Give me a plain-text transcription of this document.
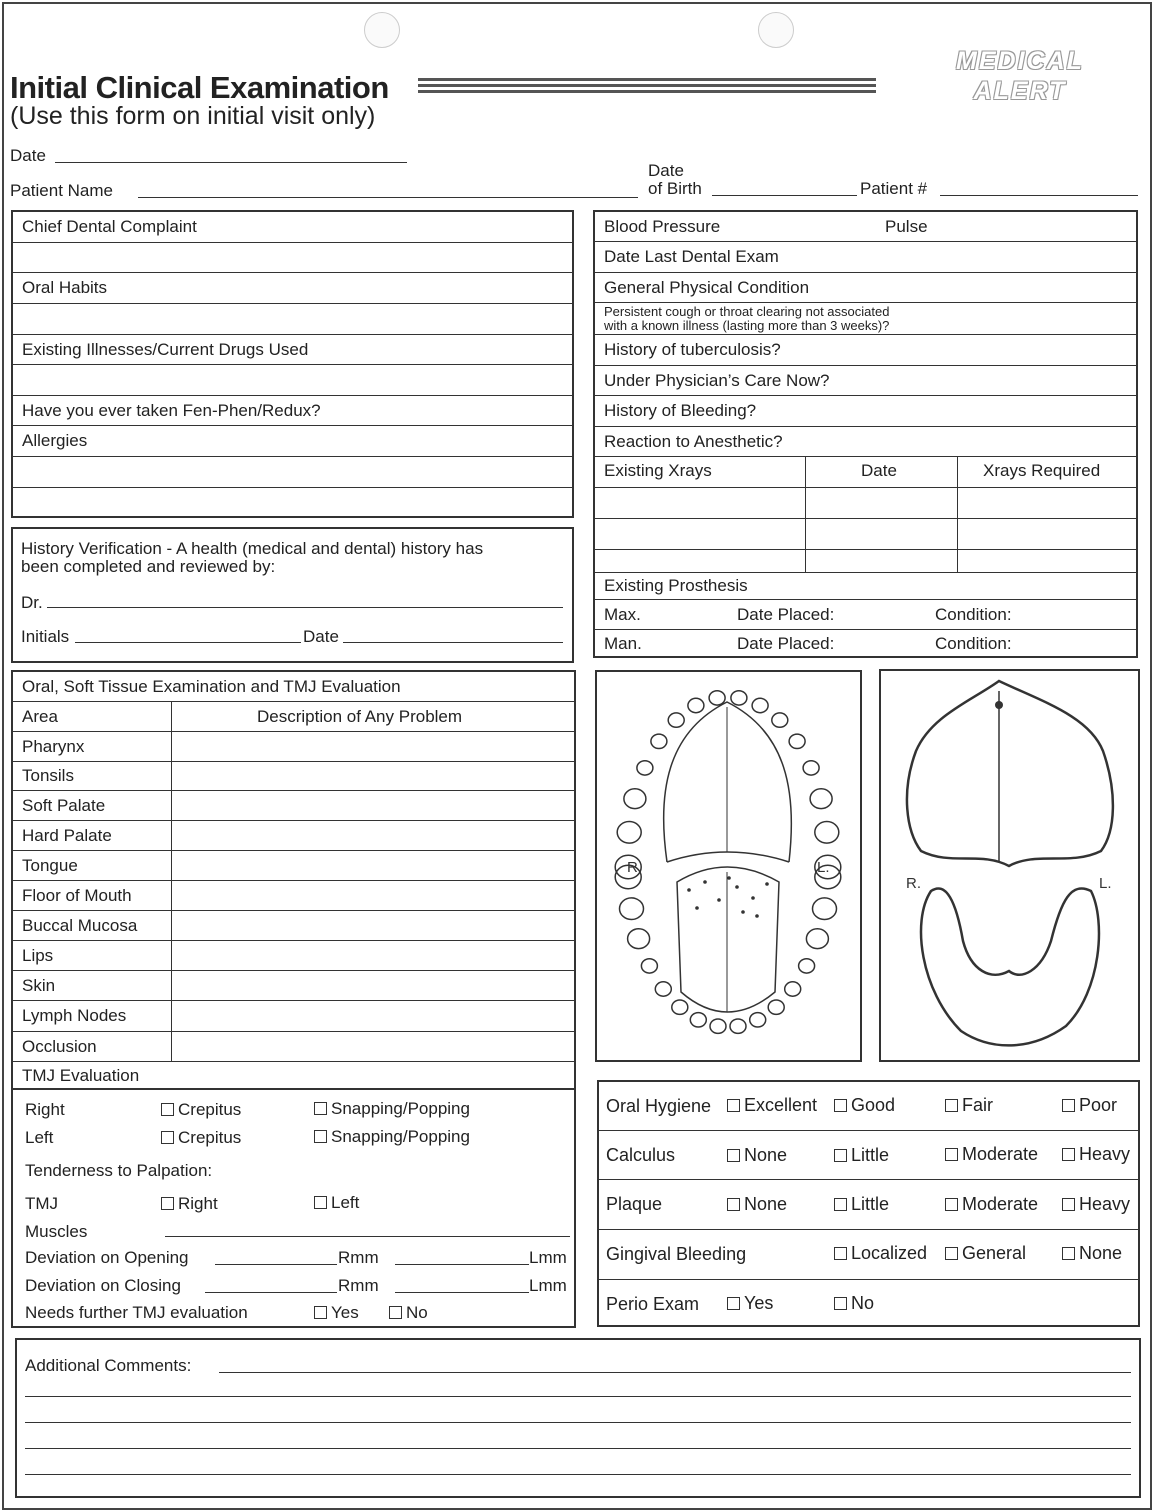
Initial Clinical Examination
(Use this form on initial visit only)
MEDICAL
ALERT
Date
Patient Name
Date
of Birth	Patient #
Chief Dental Complaint
Oral Habits
Existing Illnesses/Current Drugs Used
Have you ever taken Fen-Phen/Redux?
Allergies
Blood Pressure	Pulse
Date Last Dental Exam
General Physical Condition
Persistent cough or throat clearing not associated
with a known illness (lasting more than 3 weeks)?
History of tuberculosis?
Under Physician’s Care Now?
History of Bleeding?
Reaction to Anesthetic?
Existing Xrays	Date	Xrays Required
Existing Prosthesis
Max.	Date Placed:	Condition:
Man.	Date Placed:	Condition:
History Verification - A health (medical and dental) history has
been completed and reviewed by:
Dr.
Initials	Date
Oral, Soft Tissue Examination and TMJ Evaluation
Area	Description of Any Problem
Pharynx
Tonsils
Soft Palate
Hard Palate
Tongue
Floor of Mouth
Buccal Mucosa
Lips
Skin
Lymph Nodes
Occlusion
TMJ Evaluation
Right	Crepitus	Snapping/Popping
Left	Crepitus	Snapping/Popping
Tenderness to Palpation:
TMJ	Right	Left
Muscles
Deviation on Opening	Rmm	Lmm
Deviation on Closing	Rmm	Lmm
Needs further TMJ evaluation	Yes	No
R.	L.
R.	L.
Oral Hygiene	Excellent	Good	Fair	Poor
Calculus	None	Little	Moderate	Heavy
Plaque	None	Little	Moderate	Heavy
Gingival Bleeding	Localized	General	None
Perio Exam	Yes	No
Additional Comments:
